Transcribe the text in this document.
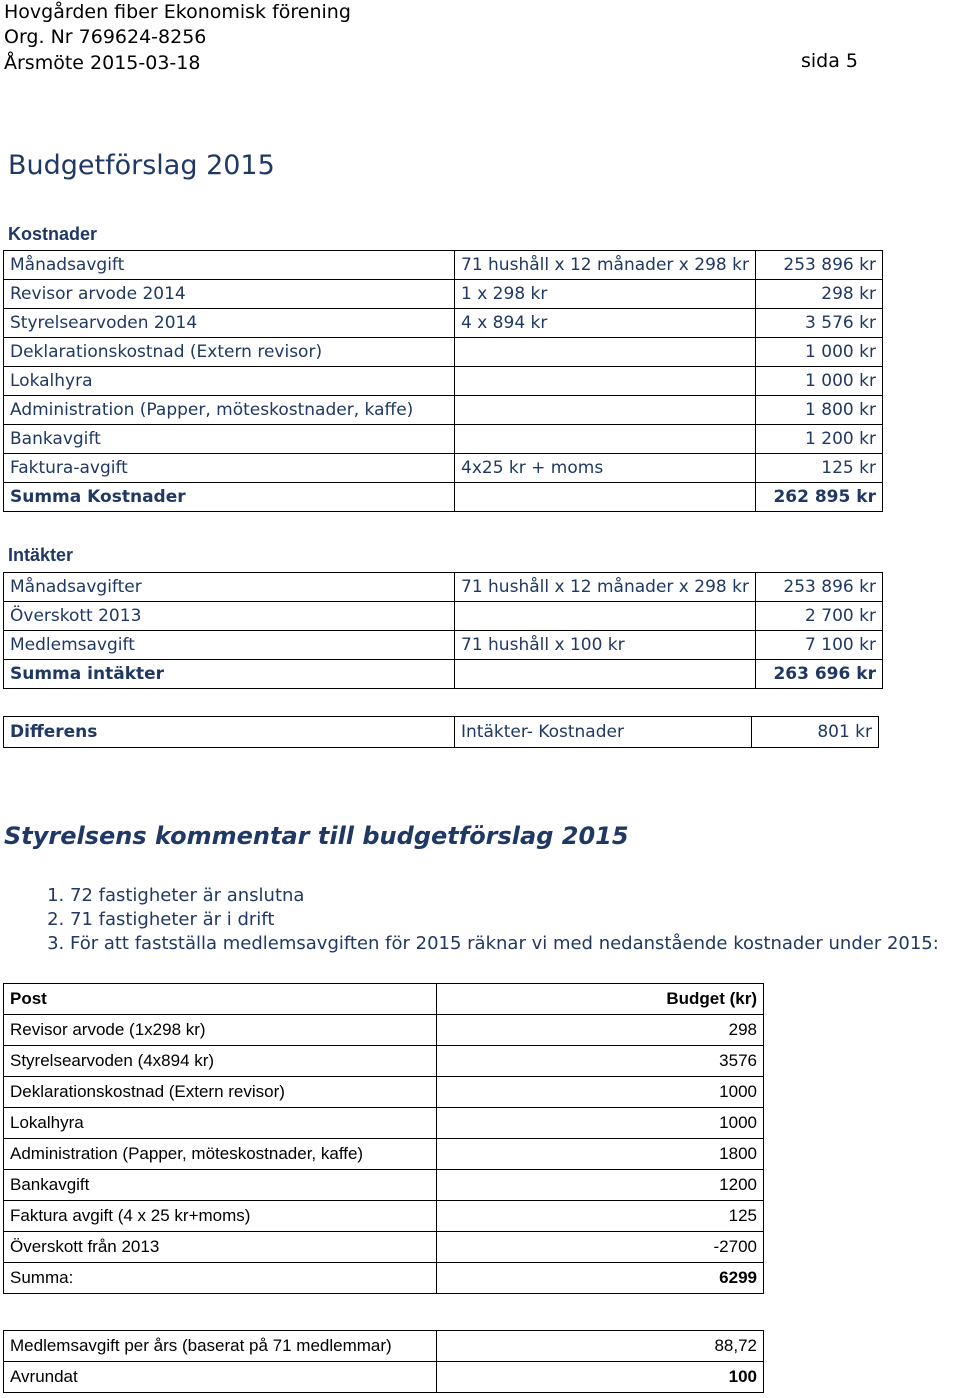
Hovgården fiber Ekonomisk förening
Org. Nr 769624-8256
Årsmöte 2015-03-18	sida 5
Budgetförslag 2015
Kostnader
Månadsavgift	71 hushåll x 12 månader x 298 kr	253 896 kr
Revisor arvode 2014	1 x 298 kr	298 kr
Styrelsearvoden 2014	4 x 894 kr	3 576 kr
Deklarationskostnad (Extern revisor)		1 000 kr
Lokalhyra		1 000 kr
Administration (Papper, möteskostnader, kaffe)		1 800 kr
Bankavgift		1 200 kr
Faktura-avgift	4x25 kr + moms	125 kr
Summa Kostnader		262 895 kr
Intäkter
Månadsavgifter	71 hushåll x 12 månader x 298 kr	253 896 kr
Överskott 2013		2 700 kr
Medlemsavgift	71 hushåll x 100 kr	7 100 kr
Summa intäkter		263 696 kr
Differens	Intäkter- Kostnader	801 kr
Styrelsens kommentar till budgetförslag 2015
1. 72 fastigheter är anslutna
2. 71 fastigheter är i drift
3. För att fastställa medlemsavgiften för 2015 räknar vi med nedanstående kostnader under 2015:
Post	Budget (kr)
Revisor arvode (1x298 kr)	298
Styrelsearvoden (4x894 kr)	3576
Deklarationskostnad (Extern revisor)	1000
Lokalhyra	1000
Administration (Papper, möteskostnader, kaffe)	1800
Bankavgift	1200
Faktura avgift (4 x 25 kr+moms)	125
Överskott från 2013	-2700
Summa:	6299
Medlemsavgift per års (baserat på 71 medlemmar)	88,72
Avrundat	100
